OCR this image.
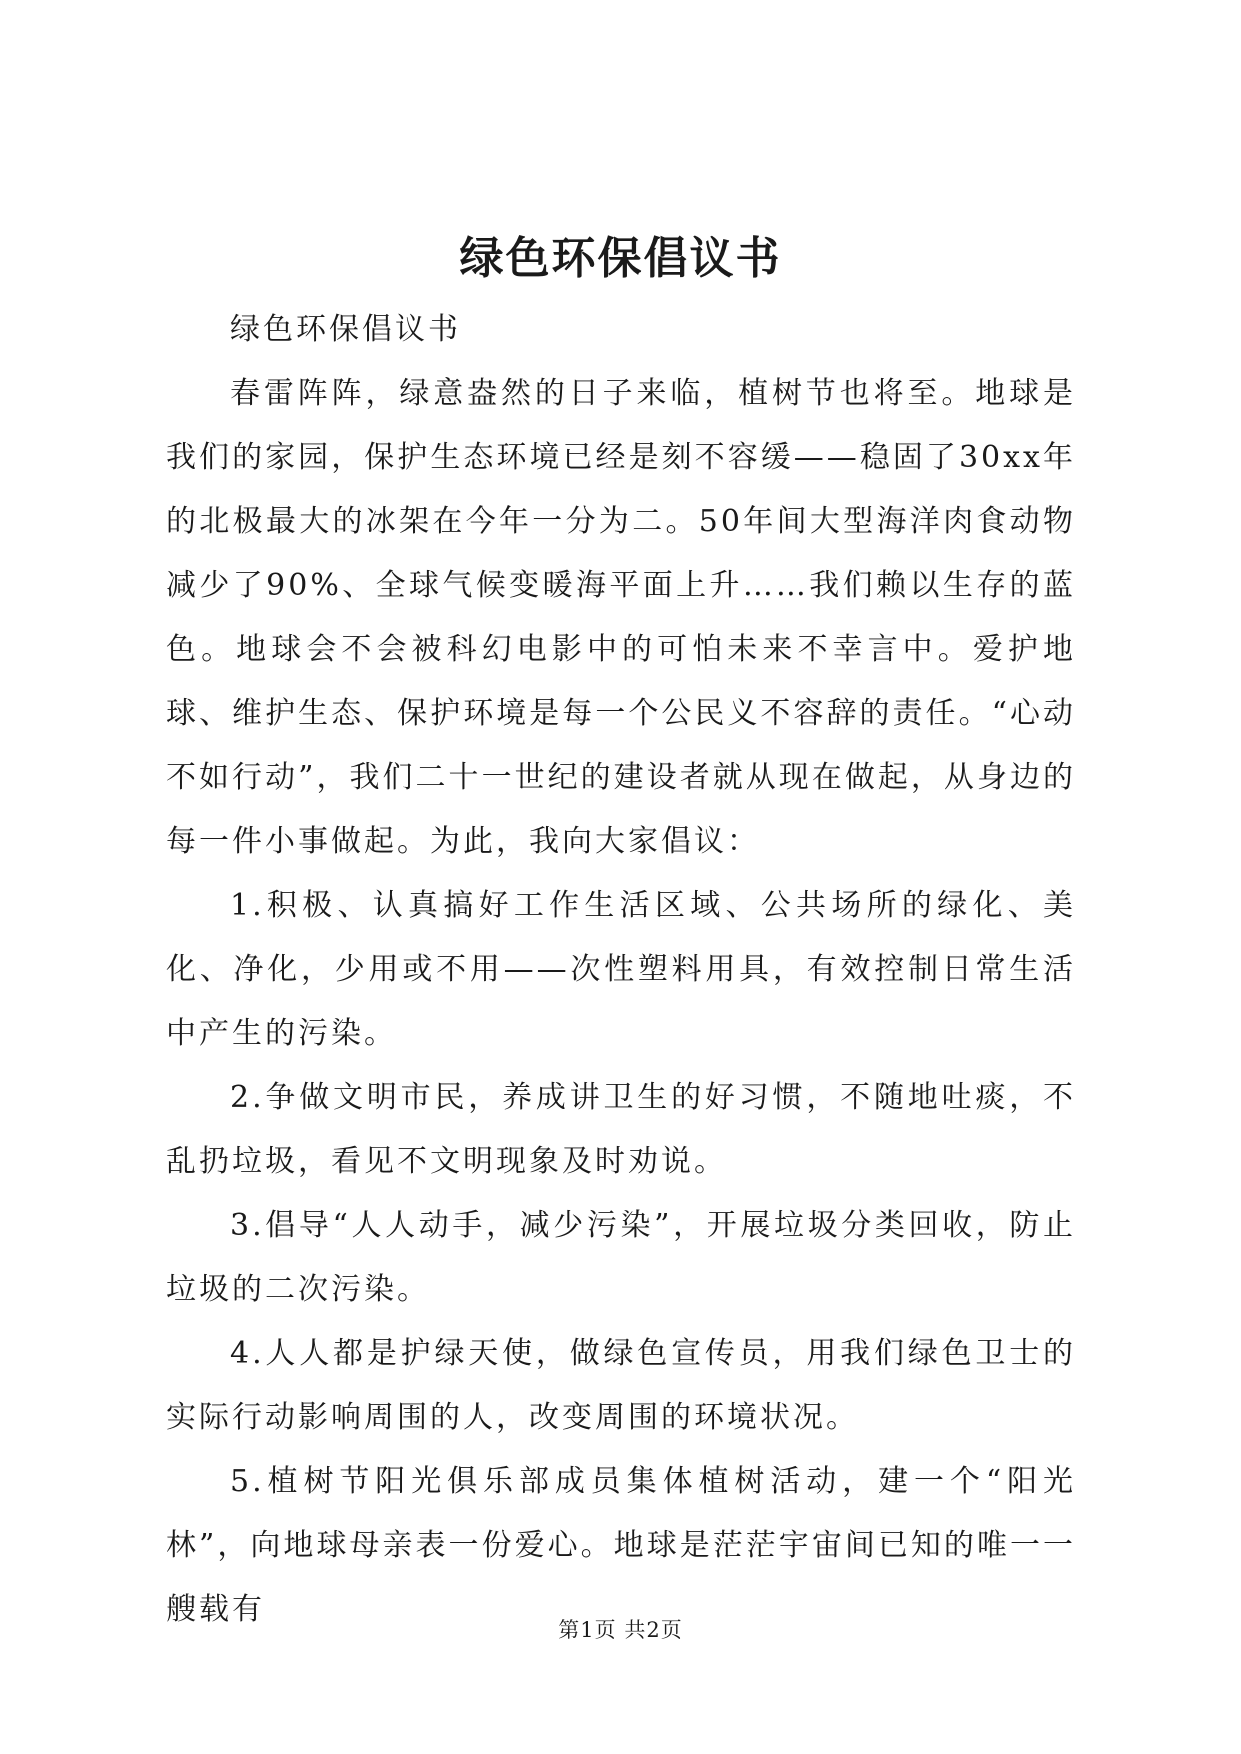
绿色环保倡议书

绿色环保倡议书

春雷阵阵，绿意盎然的日子来临，植树节也将至。地球是我们的家园，保护生态环境已经是刻不容缓——稳固了30xx年的北极最大的冰架在今年一分为二。50年间大型海洋肉食动物减少了90%、全球气候变暖海平面上升……我们赖以生存的蓝色。地球会不会被科幻电影中的可怕未来不幸言中。爱护地球、维护生态、保护环境是每一个公民义不容辞的责任。“心动不如行动”，我们二十一世纪的建设者就从现在做起，从身边的每一件小事做起。为此，我向大家倡议：

1.积极、认真搞好工作生活区域、公共场所的绿化、美化、净化，少用或不用——次性塑料用具，有效控制日常生活中产生的污染。

2.争做文明市民，养成讲卫生的好习惯，不随地吐痰，不乱扔垃圾，看见不文明现象及时劝说。

3.倡导“人人动手，减少污染”，开展垃圾分类回收，防止垃圾的二次污染。

4.人人都是护绿天使，做绿色宣传员，用我们绿色卫士的实际行动影响周围的人，改变周围的环境状况。

5.植树节阳光俱乐部成员集体植树活动，建一个“阳光林”，向地球母亲表一份爱心。地球是茫茫宇宙间已知的唯一一艘载有

第1页 共2页
